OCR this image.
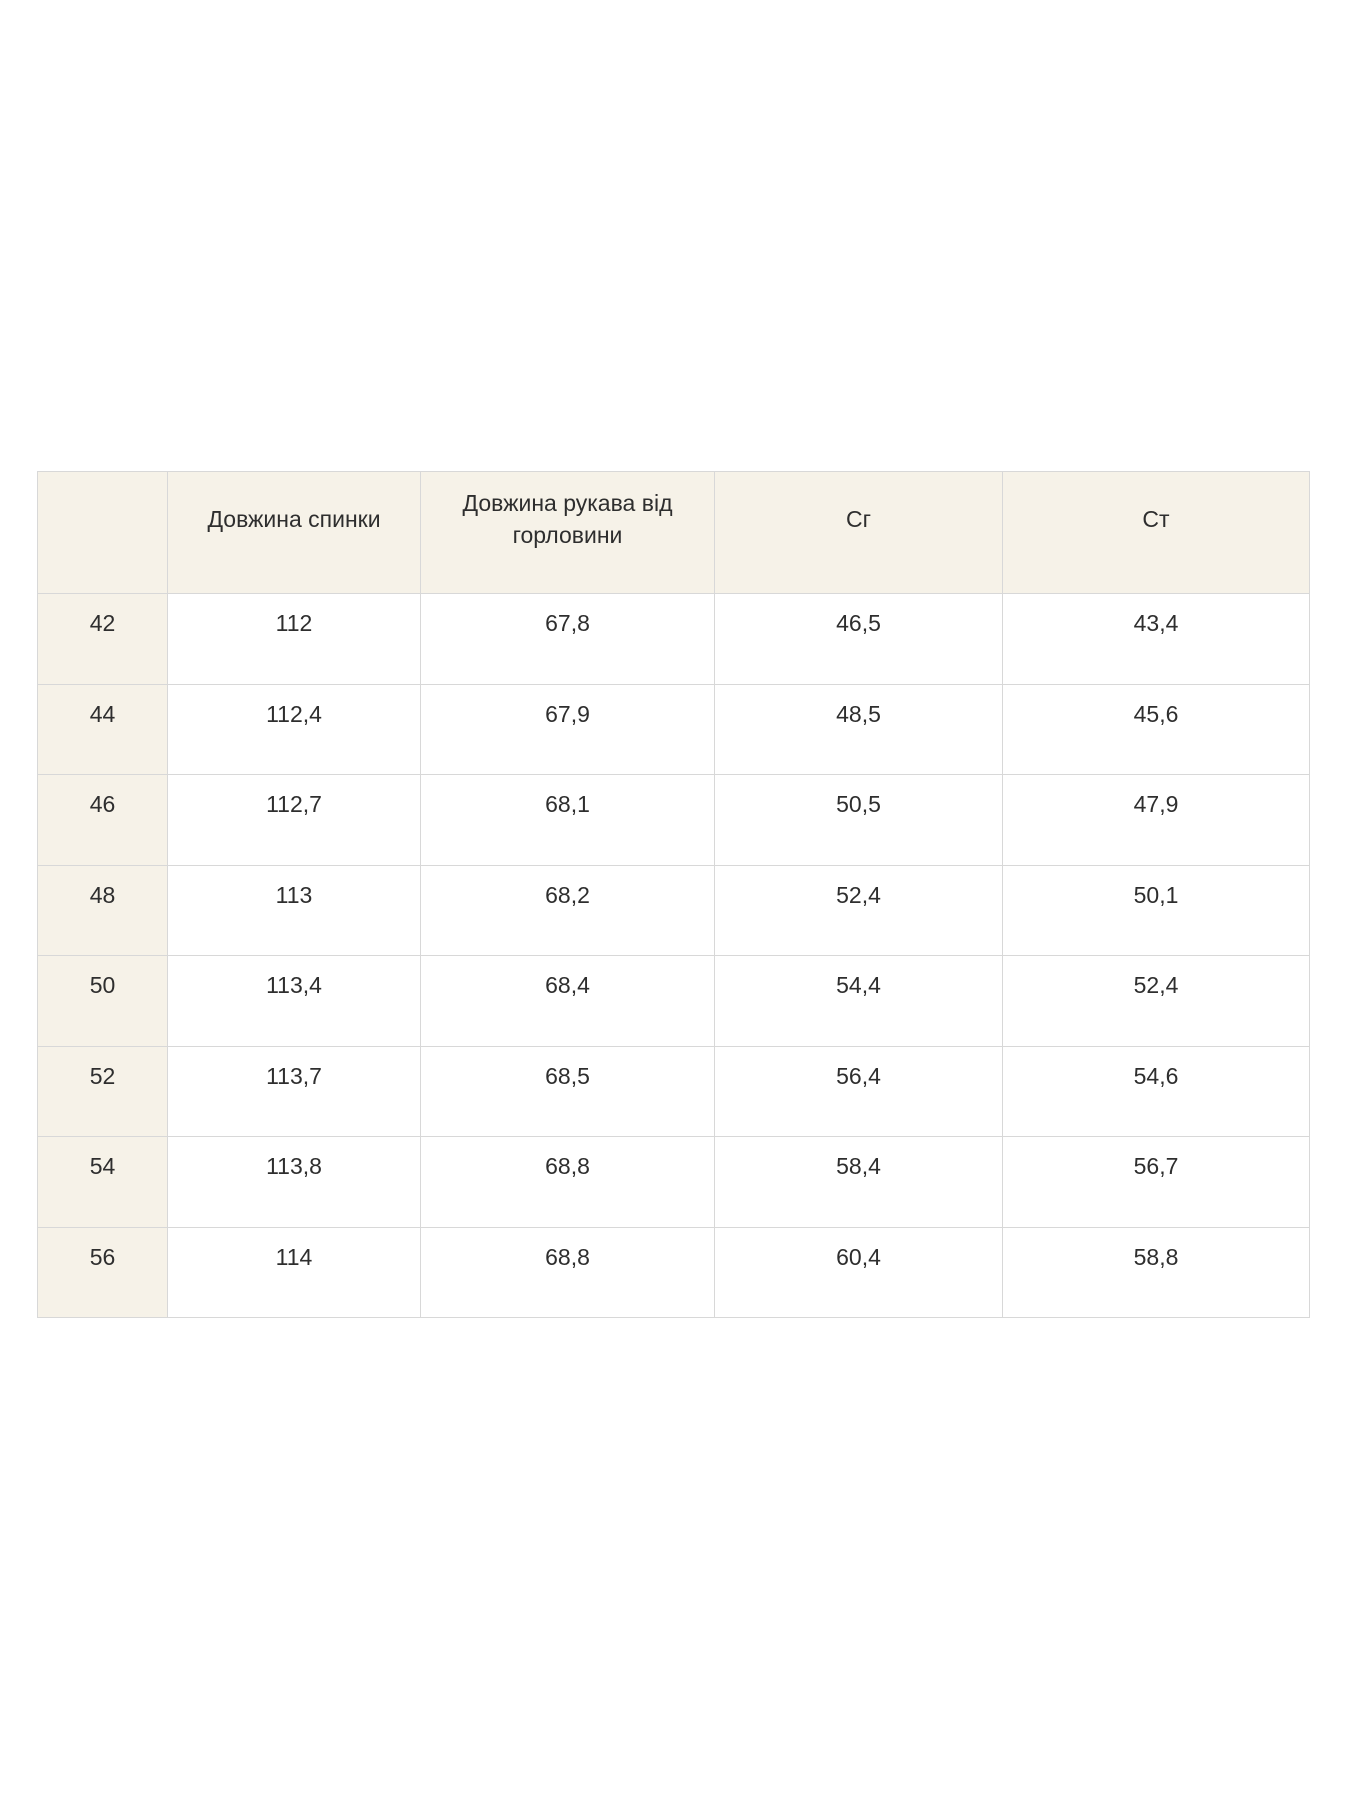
	Довжина спинки	Довжина рукава від горловини	Сг	Ст
42	112	67,8	46,5	43,4
44	112,4	67,9	48,5	45,6
46	112,7	68,1	50,5	47,9
48	113	68,2	52,4	50,1
50	113,4	68,4	54,4	52,4
52	113,7	68,5	56,4	54,6
54	113,8	68,8	58,4	56,7
56	114	68,8	60,4	58,8
